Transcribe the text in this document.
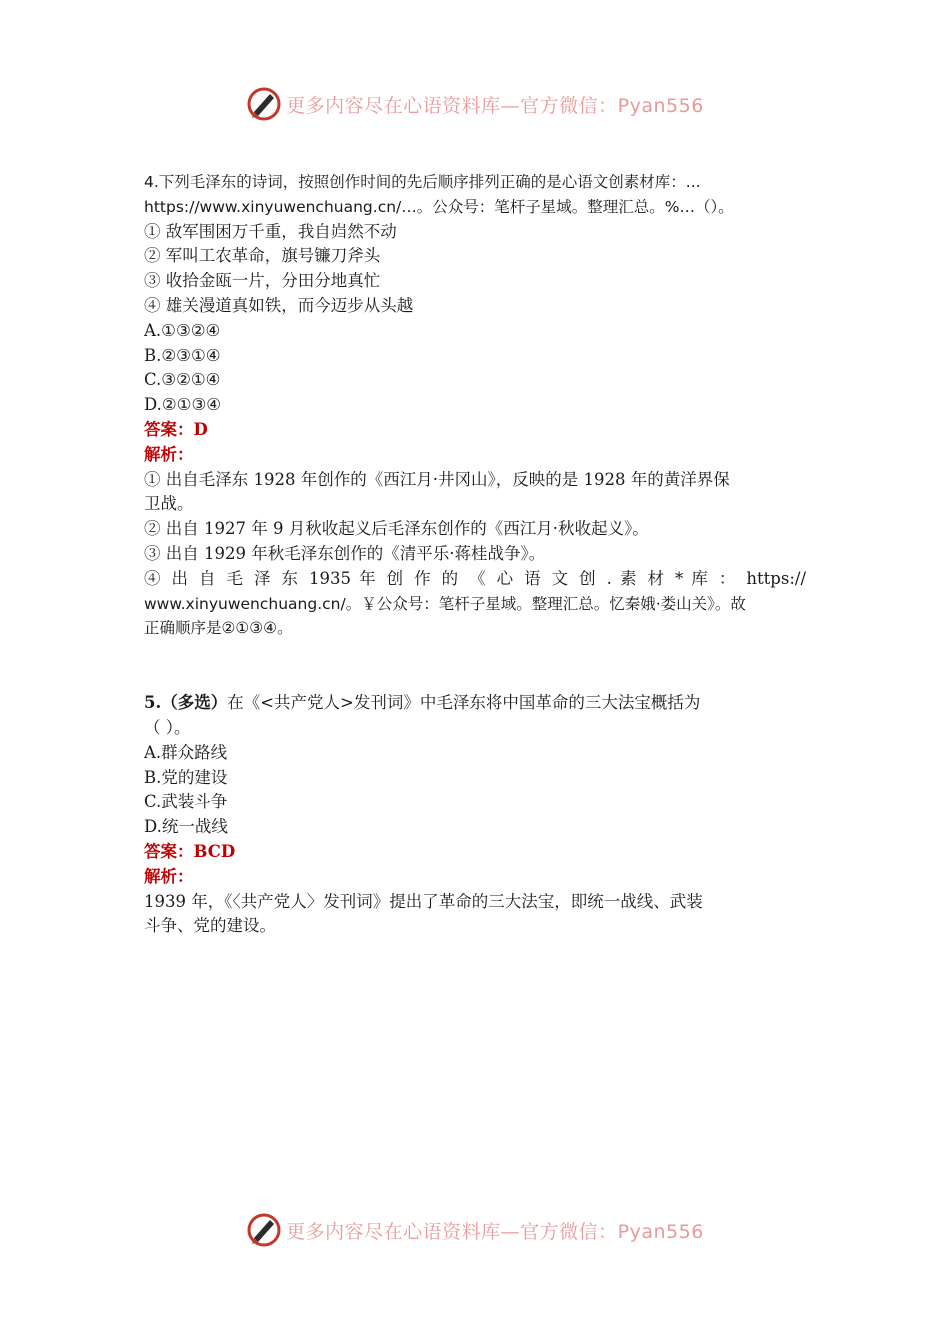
更多内容尽在心语资料库—官方微信：Pyan556
4.下列毛泽东的诗词，按照创作时间的先后顺序排列正确的是心语文创素材库：...
https://www.xinyuwenchuang.cn/…。公众号：笔杆子星域。整理汇总。%…（）。
① 敌军围困万千重，我自岿然不动
② 军叫工农革命，旗号镰刀斧头
③ 收拾金瓯一片，分田分地真忙
④ 雄关漫道真如铁，而今迈步从头越
A.①③②④
B.②③①④
C.③②①④
D.②①③④
答案：D
解析：
① 出自毛泽东 1928 年创作的《西江月·井冈山》，反映的是 1928 年的黄洋界保
卫战。
② 出自 1927 年 9 月秋收起义后毛泽东创作的《西江月·秋收起义》。
③ 出自 1929 年秋毛泽东创作的《清平乐·蒋桂战争》。
④ 出 自 毛 泽 东 1935 年 创 作 的 《 心 语 文 创 . 素 材 * 库 ： https://
www.xinyuwenchuang.cn/。￥公众号：笔杆子星域。整理汇总。忆秦娥·娄山关》。故
正确顺序是②①③④。
5.（多选）在《<共产党人>发刊词》中毛泽东将中国革命的三大法宝概括为
（ ）。
A.群众路线
B.党的建设
C.武装斗争
D.统一战线
答案：BCD
解析：
1939 年，《〈共产党人〉发刊词》提出了革命的三大法宝，即统一战线、武装
斗争、党的建设。
更多内容尽在心语资料库—官方微信：Pyan556
